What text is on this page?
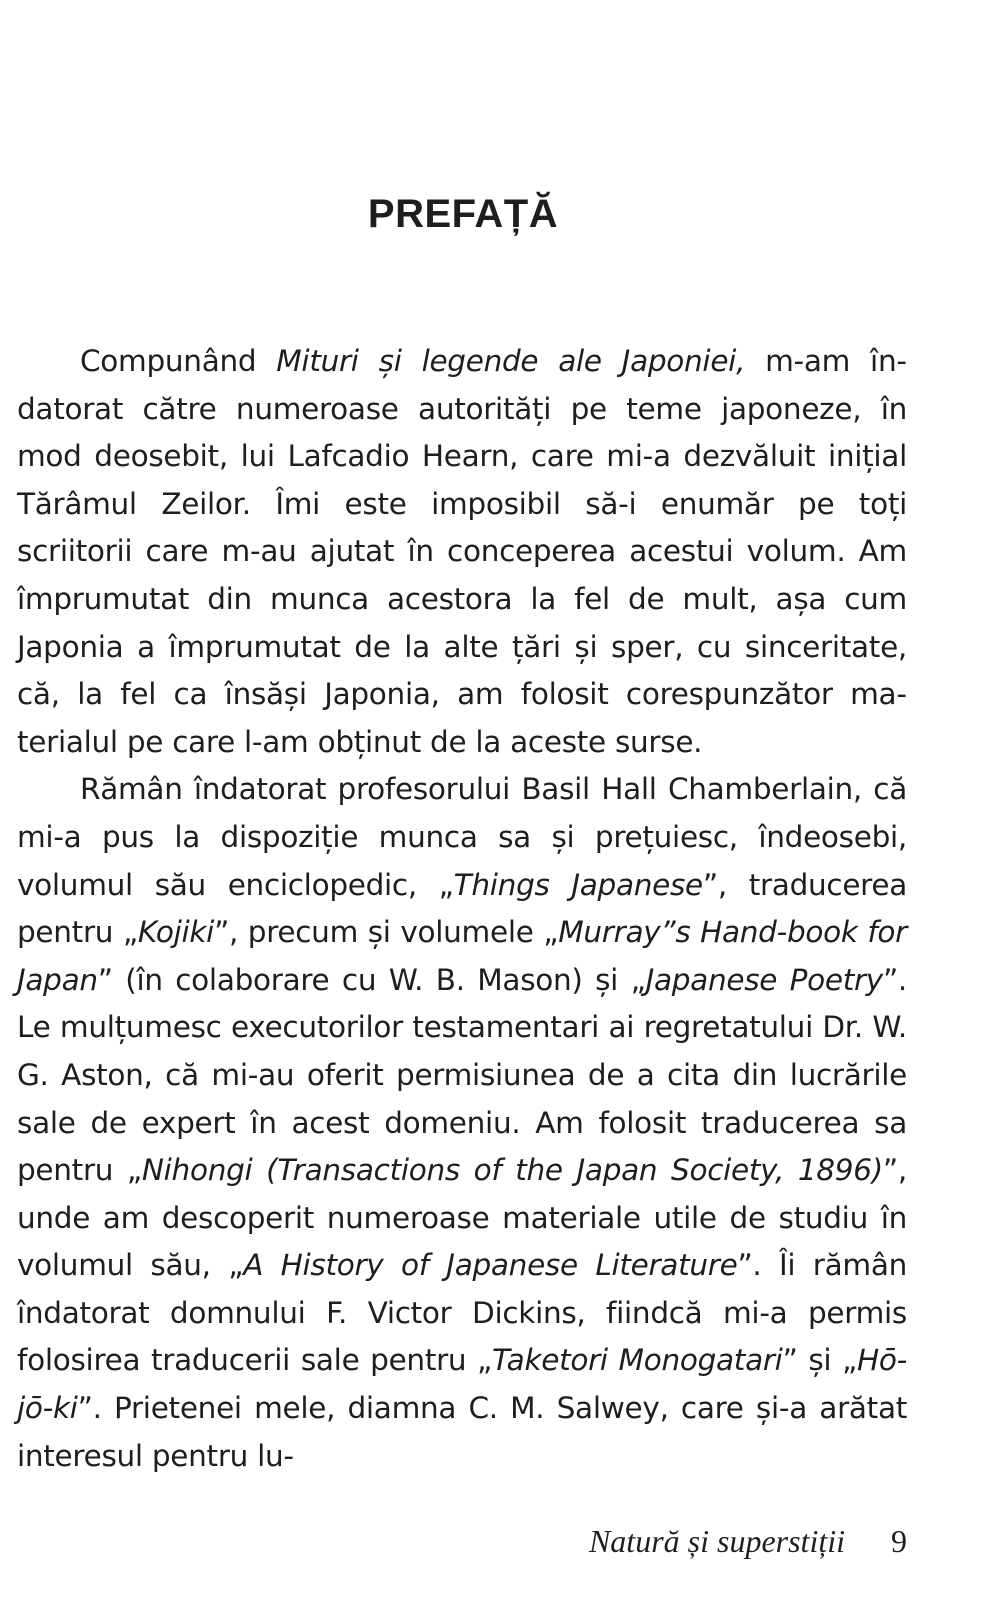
PREFAȚĂ

Compunând Mituri și legende ale Japoniei, m-am îndatorat către numeroase autorități pe teme japoneze, în mod deosebit, lui Lafcadio Hearn, care mi-a dezvăluit inițial Tărâmul Zeilor. Îmi este imposibil să-i enumăr pe toți scriitorii care m-au ajutat în conceperea acestui volum. Am împrumutat din munca acestora la fel de mult, așa cum Japonia a împrumutat de la alte țări și sper, cu sinceritate, că, la fel ca însăși Japonia, am folosit corespunzător materialul pe care l-am obținut de la aceste surse.

Rămân îndatorat profesorului Basil Hall Chamberlain, că mi-a pus la dispoziție munca sa și prețuiesc, îndeosebi, volumul său enciclopedic, „Things Japanese”, traducerea pentru „Kojiki”, precum și volumele „Murray”s Hand-book for Japan” (în colaborare cu W. B. Mason) și „Japanese Poetry”. Le mulțumesc executorilor testamentari ai regretatului Dr. W. G. Aston, că mi-au oferit permisiunea de a cita din lucrările sale de expert în acest domeniu. Am folosit traducerea sa pentru „Nihongi (Transactions of the Japan Society, 1896)”, unde am descoperit numeroase materiale utile de studiu în volumul său, „A History of Japanese Literature”. Îi rămân îndatorat domnului F. Victor Dickins, fiindcă mi-a permis folosirea traducerii sale pentru „Taketori Monogatari” și „Hō-jō-ki”. Prietenei mele, diamna C. M. Salwey, care și-a arătat interesul pentru lu-

Natură și superstiții 9
